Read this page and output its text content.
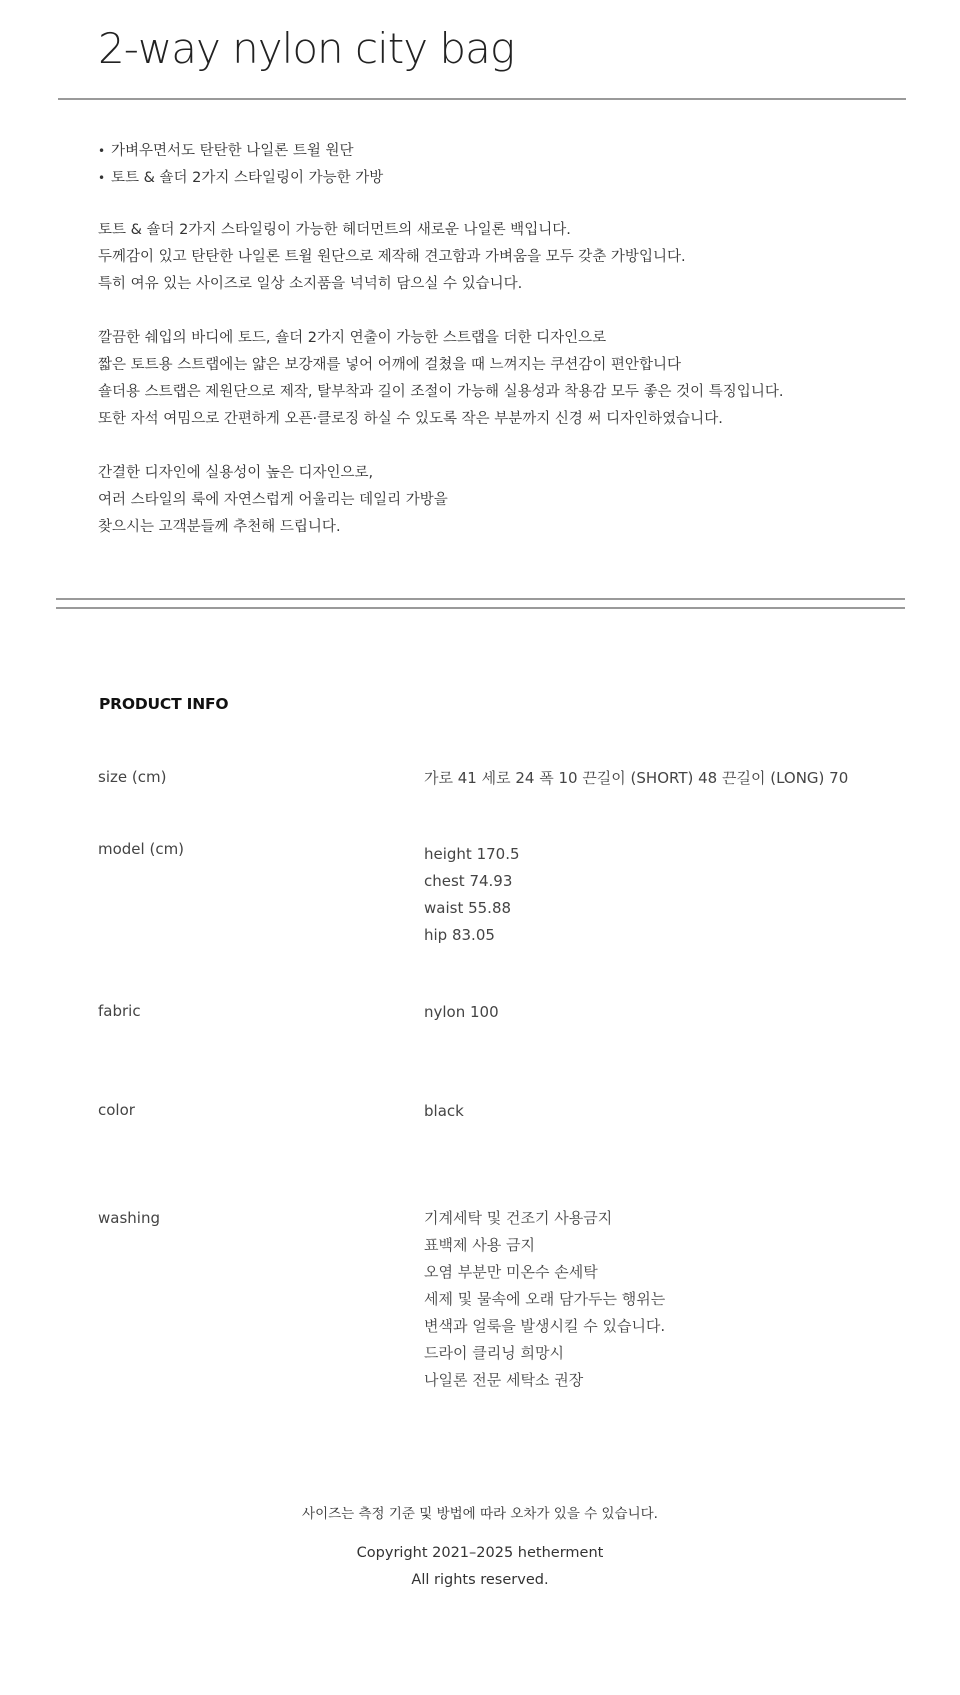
2-way nylon city bag
• 가벼우면서도 탄탄한 나일론 트윌 원단
• 토트 & 숄더 2가지 스타일링이 가능한 가방
토트 & 숄더 2가지 스타일링이 가능한 헤더먼트의 새로운 나일론 백입니다.
두께감이 있고 탄탄한 나일론 트윌 원단으로 제작해 견고함과 가벼움을 모두 갖춘 가방입니다.
특히 여유 있는 사이즈로 일상 소지품을 넉넉히 담으실 수 있습니다.
깔끔한 쉐입의 바디에 토드, 숄더 2가지 연출이 가능한 스트랩을 더한 디자인으로
짧은 토트용 스트랩에는 얇은 보강재를 넣어 어깨에 걸쳤을 때 느껴지는 쿠션감이 편안합니다
숄더용 스트랩은 제원단으로 제작, 탈부착과 길이 조절이 가능해 실용성과 착용감 모두 좋은 것이 특징입니다.
또한 자석 여밈으로 간편하게 오픈·클로징 하실 수 있도록 작은 부분까지 신경 써 디자인하였습니다.
간결한 디자인에 실용성이 높은 디자인으로,
여러 스타일의 룩에 자연스럽게 어울리는 데일리 가방을
찾으시는 고객분들께 추천해 드립니다.
PRODUCT INFO
size (cm)	가로 41 세로 24 폭 10 끈길이 (SHORT) 48 끈길이 (LONG) 70
model (cm)	height 170.5
chest 74.93
waist 55.88
hip 83.05
fabric	nylon 100
color	black
washing	기계세탁 및 건조기 사용금지
표백제 사용 금지
오염 부분만 미온수 손세탁
세제 및 물속에 오래 담가두는 행위는
변색과 얼룩을 발생시킬 수 있습니다.
드라이 클리닝 희망시
나일론 전문 세탁소 권장
사이즈는 측정 기준 및 방법에 따라 오차가 있을 수 있습니다.
Copyright 2021–2025 hetherment
All rights reserved.
